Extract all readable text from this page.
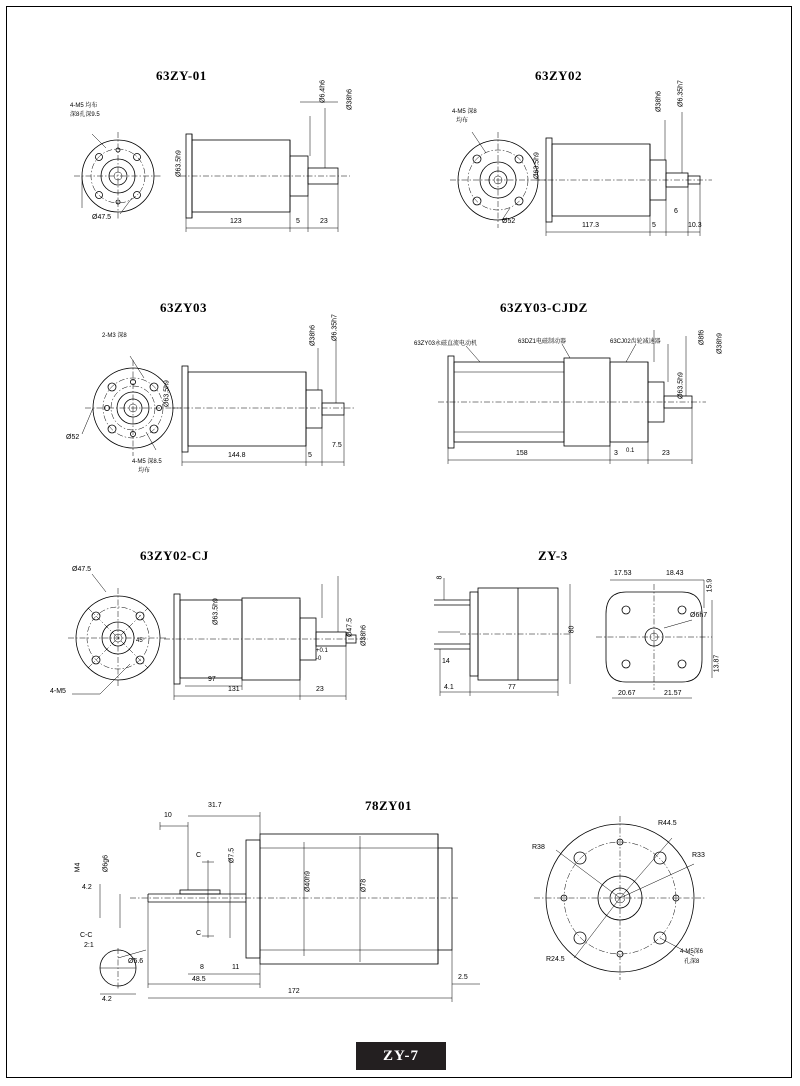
63ZY-01
4-M5 均布
深8孔深9.5
Ø63.5h9
Ø47.5
Ø6.4h6	Ø38h6
123	5	23
63ZY02
4-M5 深8
均布
Ø63.5h9
Ø52
Ø6.35h7
Ø38h6
117.3	5
6
10.3
63ZY03
2-M3 深8
Ø63.5h9
Ø52
4-M5 深8.5
均布
Ø38h6 Ø6.35h7
144.8	5
7.5
63ZY03-CJDZ
63ZY03永磁直流电动机	63DZ1电磁制动器	63CJ02齿轮减速器	Ø8f6 Ø38h9
Ø63.5h9
158	3 0.1	23
63ZY02-CJ
Ø47.5
45°
4-M5
Ø63.5h9
Ø47.5 Ø38h6
+0.1
-0
97
131	23
ZY-3
8
14
4.1	77
80
17.53	18.43
15.9
Ø6h7
20.67	21.57
13.87
78ZY01
10
31.7
Ø6g6
M4
4.2
C	Ø7.5
Ø40h9	Ø78
C
8	11
48.5
172
2.5
C-C
2:1
Ø5.6
4.2
R44.5
R33
R38
R24.5
4-M5深6
孔深8
ZY-7
